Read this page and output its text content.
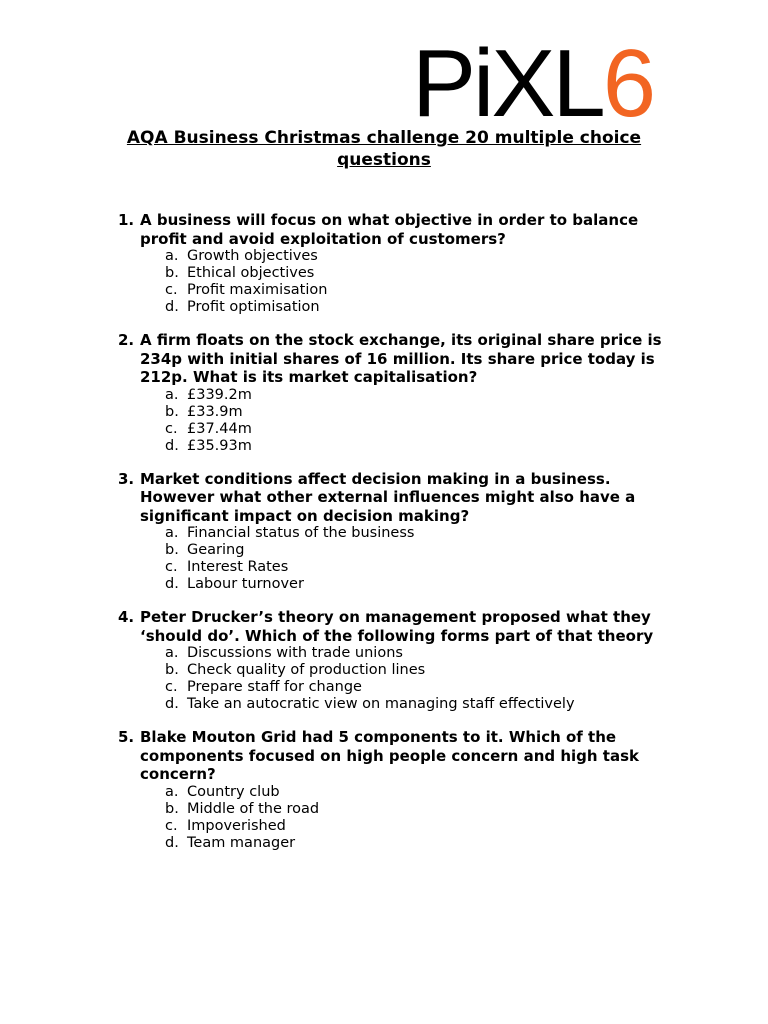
PiXL 6
AQA Business Christmas challenge 20 multiple choice questions
1. A business will focus on what objective in order to balance profit and avoid exploitation of customers?
a. Growth objectives
b. Ethical objectives
c. Profit maximisation
d. Profit optimisation
2. A firm floats on the stock exchange, its original share price is 234p with initial shares of 16 million. Its share price today is 212p. What is its market capitalisation?
a. £339.2m
b. £33.9m
c. £37.44m
d. £35.93m
3. Market conditions affect decision making in a business. However what other external influences might also have a significant impact on decision making?
a. Financial status of the business
b. Gearing
c. Interest Rates
d. Labour turnover
4. Peter Drucker’s theory on management proposed what they ‘should do’. Which of the following forms part of that theory
a. Discussions with trade unions
b. Check quality of production lines
c. Prepare staff for change
d. Take an autocratic view on managing staff effectively
5. Blake Mouton Grid had 5 components to it. Which of the components focused on high people concern and high task concern?
a. Country club
b. Middle of the road
c. Impoverished
d. Team manager
